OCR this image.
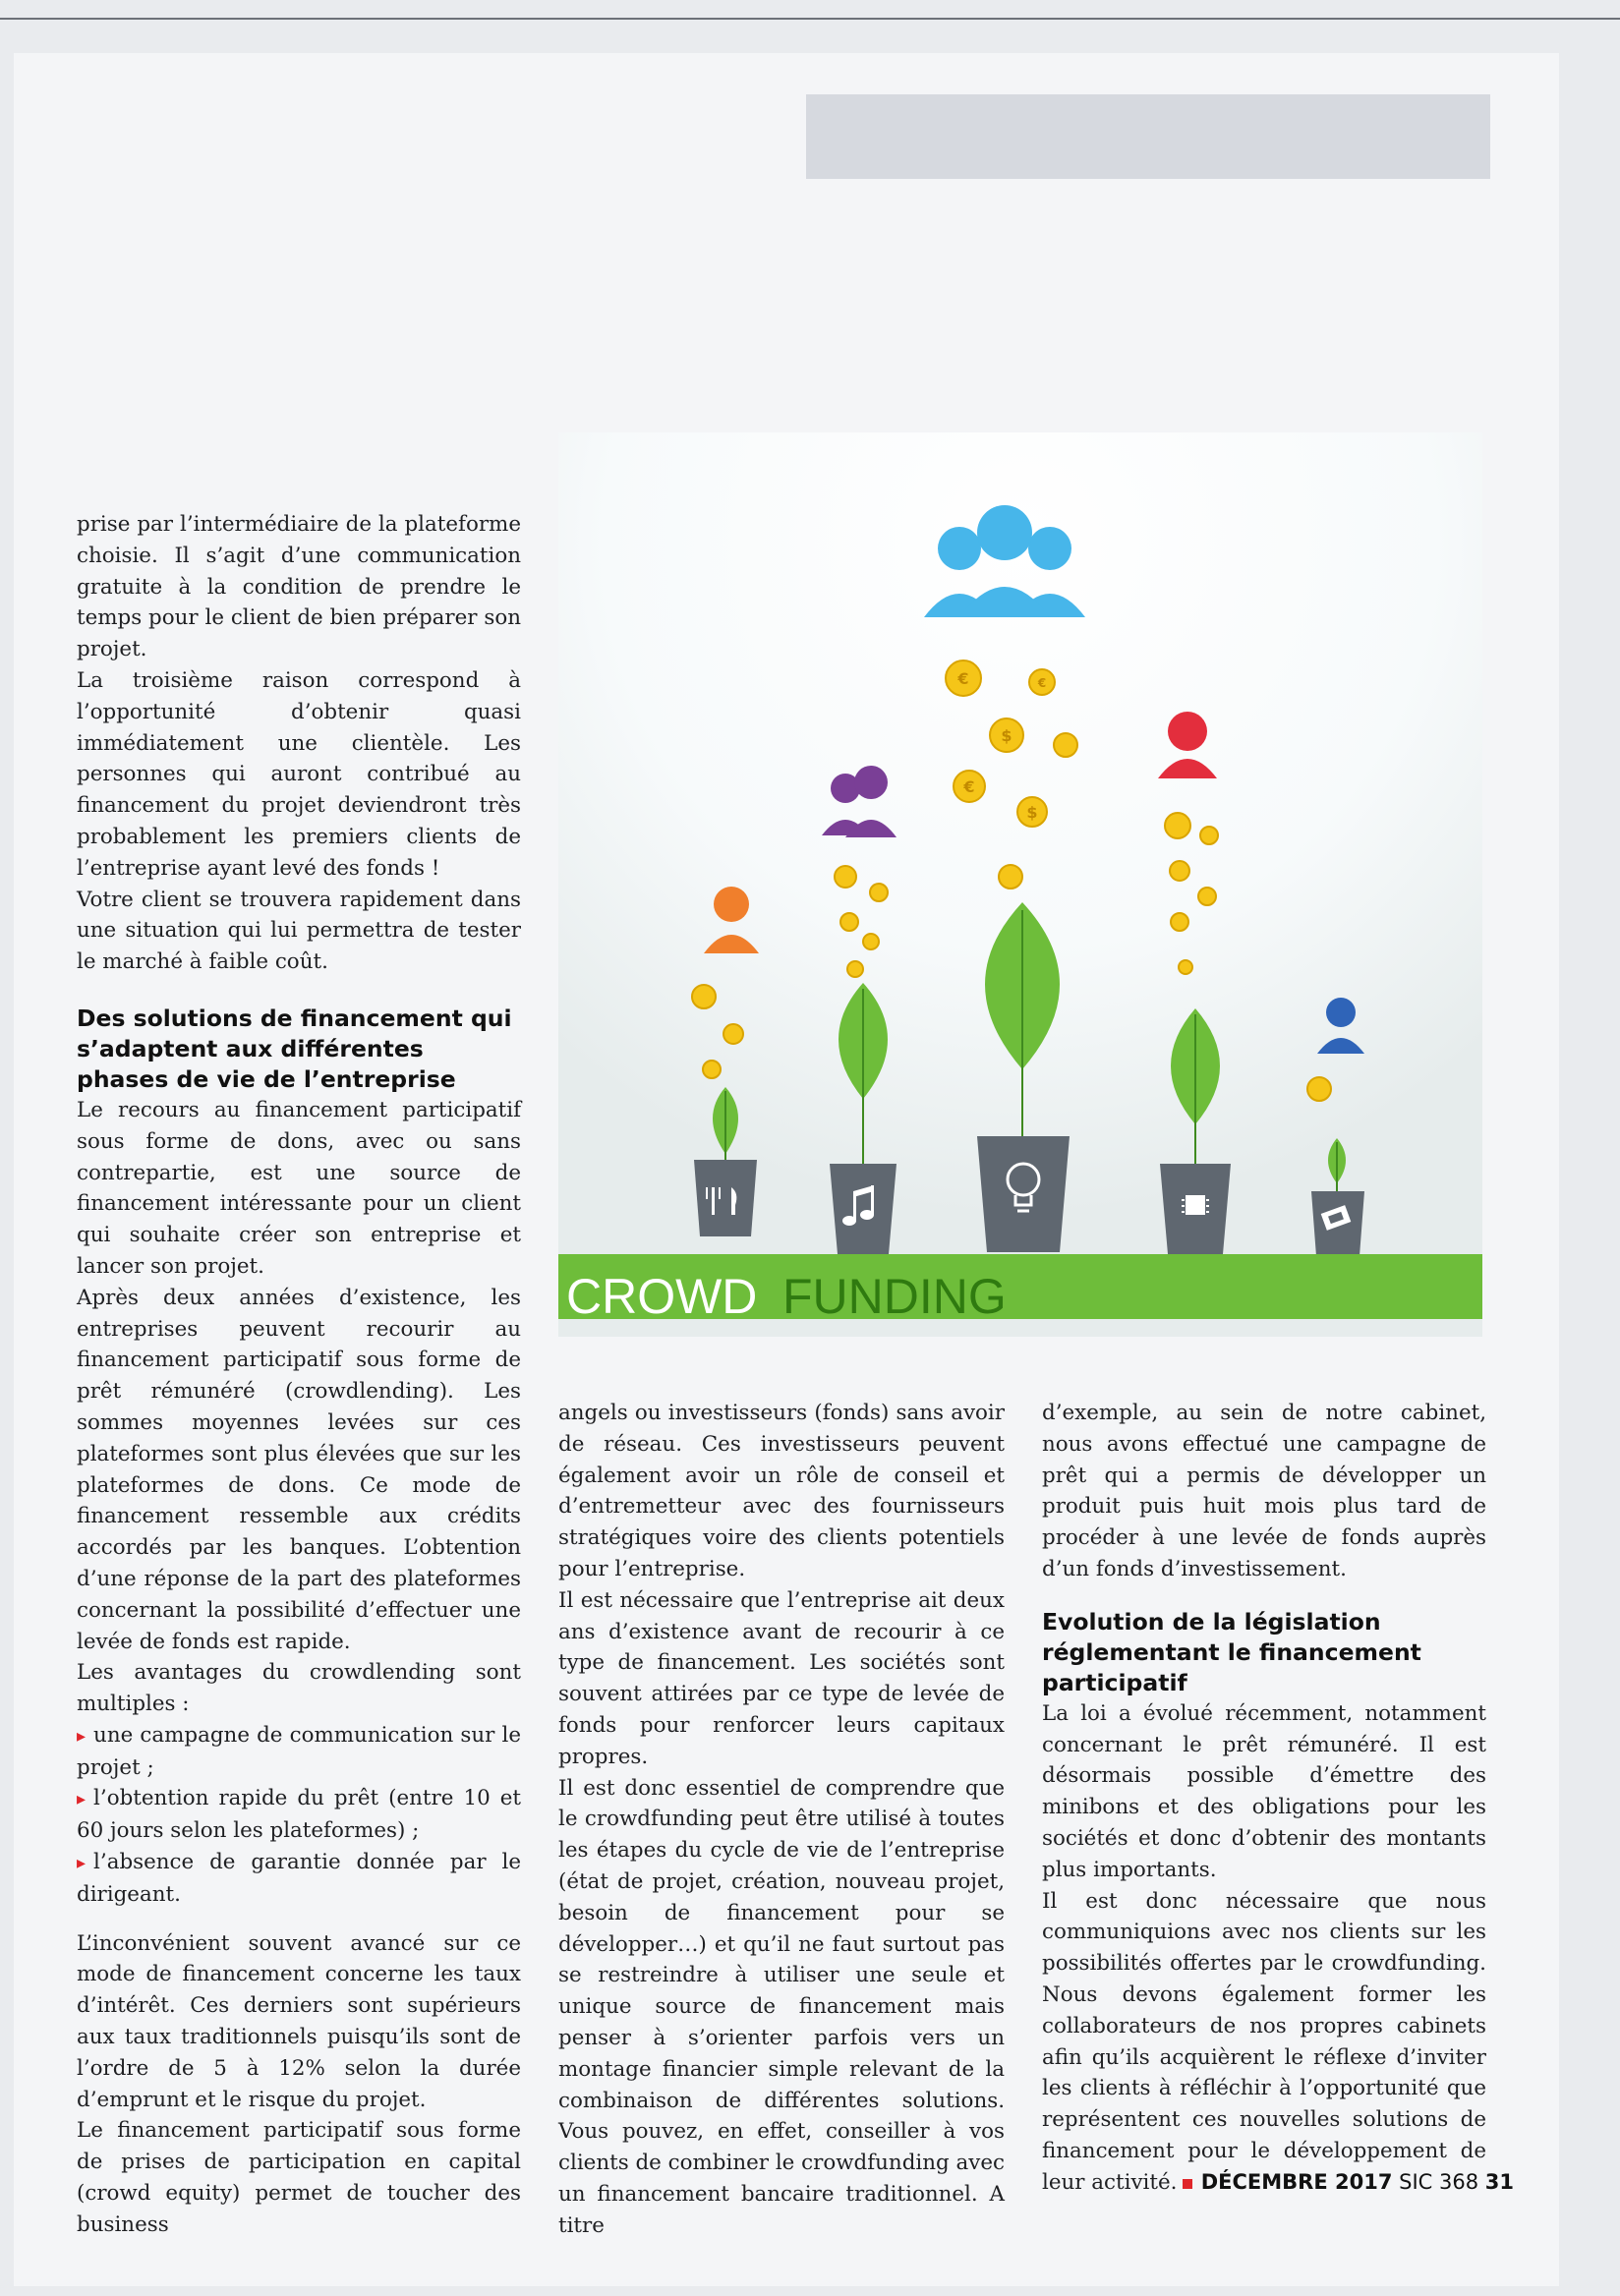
prise par l’intermédiaire de la plateforme choisie. Il s’agit d’une communication gratuite à la condition de prendre le temps pour le client de bien préparer son projet.

La troisième raison correspond à l’opportunité d’obtenir quasi immédiatement une clientèle. Les personnes qui auront contribué au financement du projet deviendront très probablement les premiers clients de l’entreprise ayant levé des fonds !

Votre client se trouvera rapidement dans une situation qui lui permettra de tester le marché à faible coût.

Des solutions de financement qui s’adaptent aux différentes phases de vie de l’entreprise

Le recours au financement participatif sous forme de dons, avec ou sans contrepartie, est une source de financement intéressante pour un client qui souhaite créer son entreprise et lancer son projet.

Après deux années d’existence, les entreprises peuvent recourir au financement participatif sous forme de prêt rémunéré (crowdlending). Les sommes moyennes levées sur ces plateformes sont plus élevées que sur les plateformes de dons. Ce mode de financement ressemble aux crédits accordés par les banques. L’obtention d’une réponse de la part des plateformes concernant la possibilité d’effectuer une levée de fonds est rapide.

Les avantages du crowdlending sont multiples :

▸ une campagne de communication sur le projet ;

▸ l’obtention rapide du prêt (entre 10 et 60 jours selon les plateformes) ;

▸ l’absence de garantie donnée par le dirigeant.

L’inconvénient souvent avancé sur ce mode de financement concerne les taux d’intérêt. Ces derniers sont supérieurs aux taux traditionnels puisqu’ils sont de l’ordre de 5 à 12% selon la durée d’emprunt et le risque du projet.

Le financement participatif sous forme de prises de participation en capital (crowd equity) permet de toucher des business

€	€
$
€
$
CROWD FUNDING

angels ou investisseurs (fonds) sans avoir de réseau. Ces investisseurs peuvent également avoir un rôle de conseil et d’entremetteur avec des fournisseurs stratégiques voire des clients potentiels pour l’entreprise.

Il est nécessaire que l’entreprise ait deux ans d’existence avant de recourir à ce type de financement. Les sociétés sont souvent attirées par ce type de levée de fonds pour renforcer leurs capitaux propres.

Il est donc essentiel de comprendre que le crowdfunding peut être utilisé à toutes les étapes du cycle de vie de l’entreprise (état de projet, création, nouveau projet, besoin de financement pour se développer…) et qu’il ne faut surtout pas se restreindre à utiliser une seule et unique source de financement mais penser à s’orienter parfois vers un montage financier simple relevant de la combinaison de différentes solutions. Vous pouvez, en effet, conseiller à vos clients de combiner le crowdfunding avec un financement bancaire traditionnel. A titre

d’exemple, au sein de notre cabinet, nous avons effectué une campagne de prêt qui a permis de développer un produit puis huit mois plus tard de procéder à une levée de fonds auprès d’un fonds d’investissement.

Evolution de la législation réglementant le financement participatif

La loi a évolué récemment, notamment concernant le prêt rémunéré. Il est désormais possible d’émettre des minibons et des obligations pour les sociétés et donc d’obtenir des montants plus importants.

Il est donc nécessaire que nous communiquions avec nos clients sur les possibilités offertes par le crowdfunding. Nous devons également former les collaborateurs de nos propres cabinets afin qu’ils acquièrent le réflexe d’inviter les clients à réfléchir à l’opportunité que représentent ces nouvelles solutions de financement pour le développement de leur activité.	DÉCEMBRE 2017 SIC 368 31
